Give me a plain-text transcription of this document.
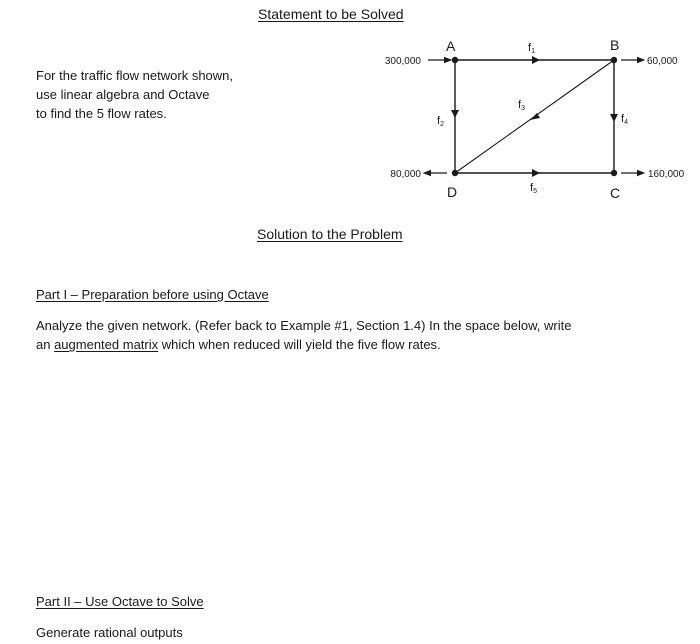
Statement to be Solved
For the traffic flow network shown,
use linear algebra and Octave
to find the 5 flow rates.
A	B
C
D
f1
f2
f3
f4
f5
300,000	60,000
160,000
80,000
Solution to the Problem
Part I – Preparation before using Octave
Analyze the given network. (Refer back to Example #1, Section 1.4) In the space below, write
an augmented matrix which when reduced will yield the five flow rates.
Part II – Use Octave to Solve
Generate rational outputs
